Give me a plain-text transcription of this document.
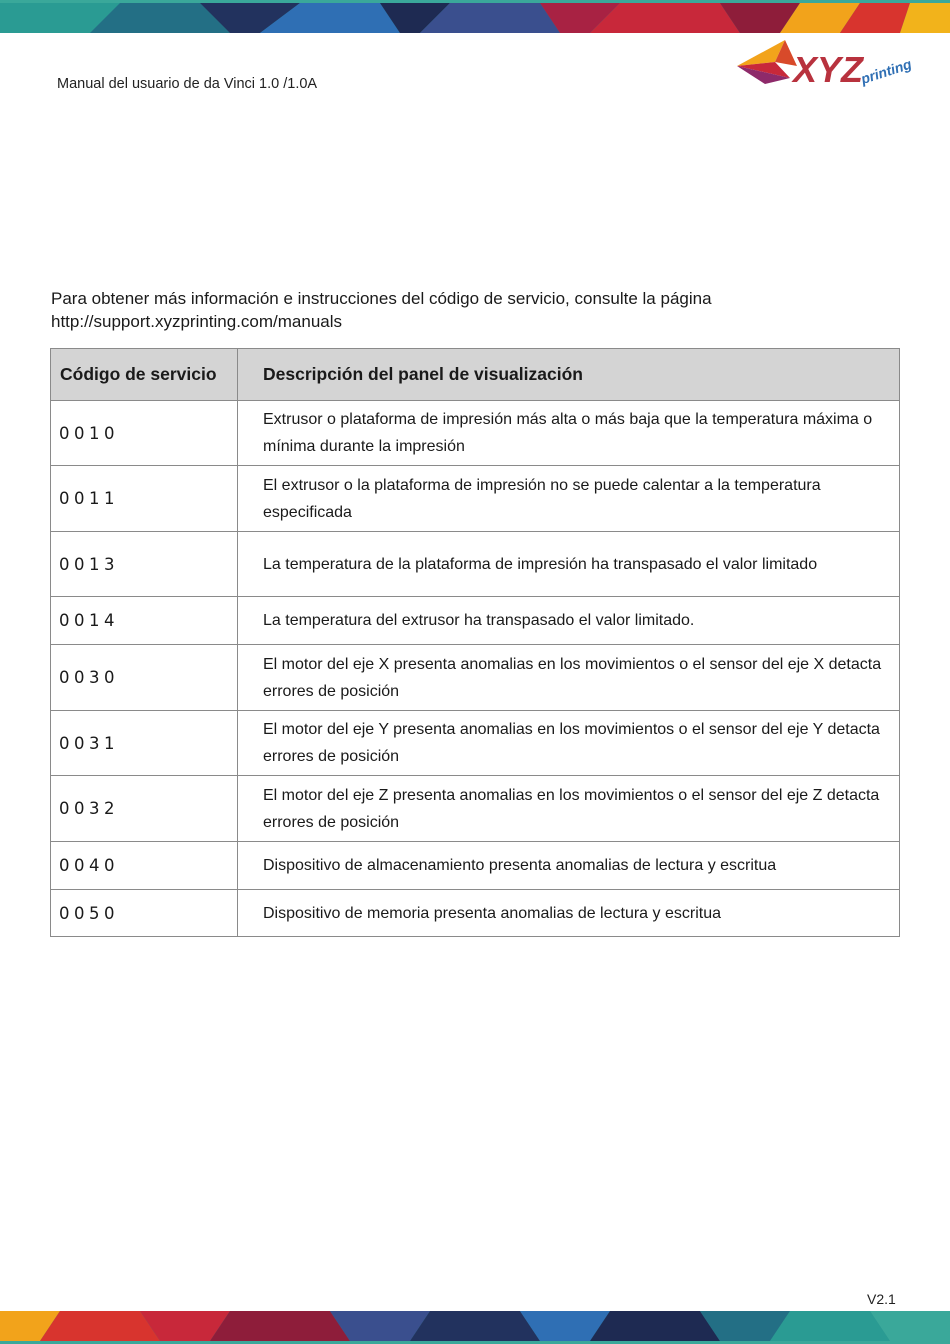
Manual del usuario de da Vinci 1.0 /1.0A	XYZ
printing
Para obtener más información e instrucciones del código de servicio, consulte la página
http://support.xyzprinting.com/manuals
Código de servicio	Descripción del panel de visualización
0010	Extrusor o plataforma de impresión más alta o más baja que la temperatura máxima o mínima durante la impresión
0011	El extrusor o la plataforma de impresión no se puede calentar a la temperatura especificada
0013	La temperatura de la plataforma de impresión ha transpasado el valor limitado
0014	La temperatura del extrusor ha transpasado el valor limitado.
0030	El motor del eje X presenta anomalias en los movimientos o el sensor del eje X detacta errores de posición
0031	El motor del eje Y presenta anomalias en los movimientos o el sensor del eje Y detacta errores de posición
0032	El motor del eje Z presenta anomalias en los movimientos o el sensor del eje Z detacta errores de posición
0040	Dispositivo de almacenamiento presenta anomalias de lectura y escritua
0050	Dispositivo de memoria presenta anomalias de lectura y escritua
V2.1
